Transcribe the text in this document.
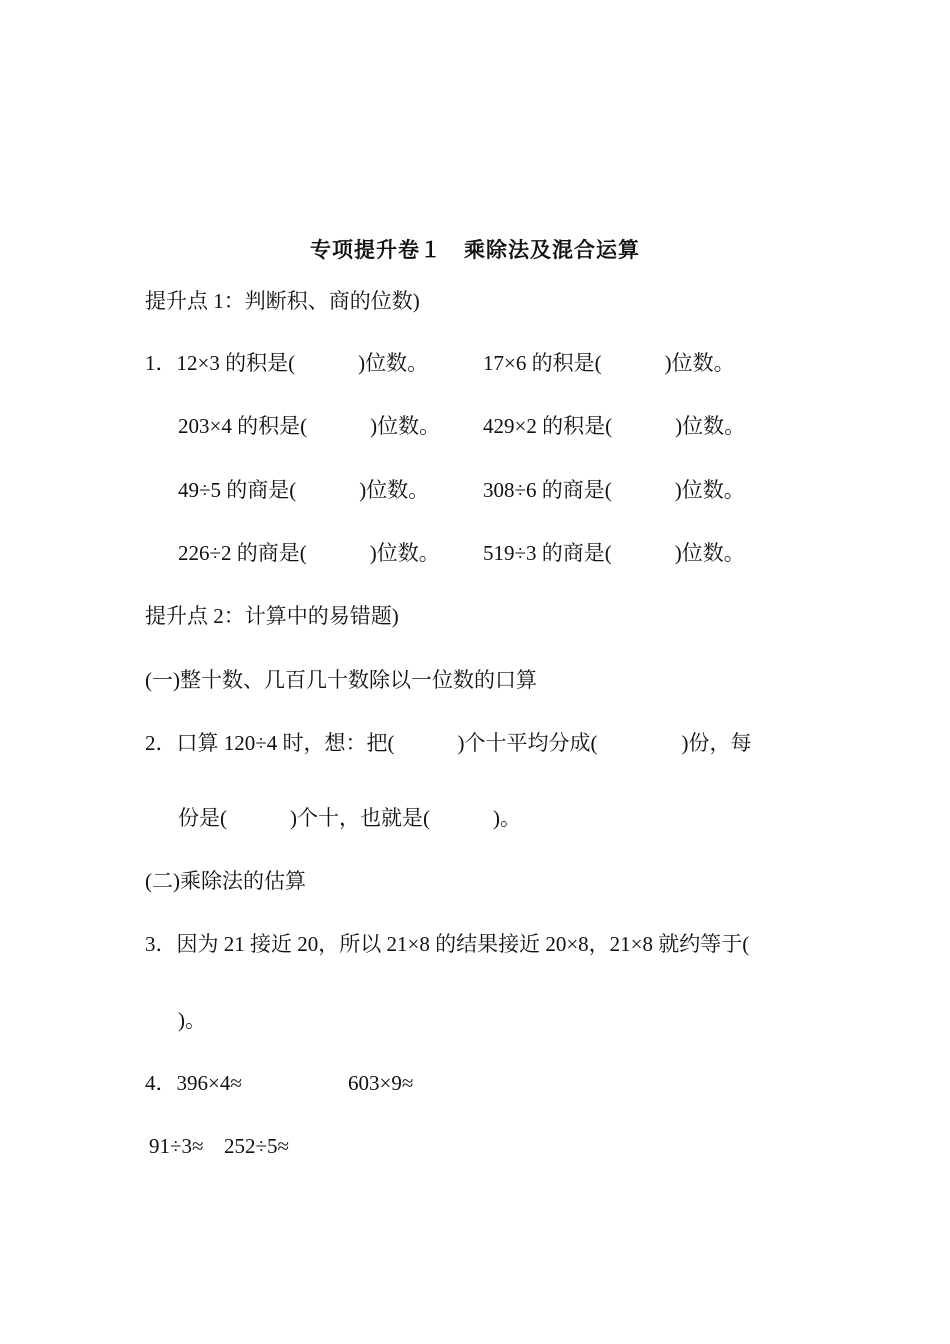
专项提升卷１　乘除法及混合运算
提升点 1：判断积、商的位数)
1．12×3 的积是(　　　)位数。	17×6 的积是(　　　)位数。
203×4 的积是(　　　)位数。 429×2 的积是(　　　)位数。
49÷5 的商是(　　　)位数。	308÷6 的商是(　　　)位数。
226÷2 的商是(　　　)位数。 519÷3 的商是(　　　)位数。
提升点 2：计算中的易错题)
(一)整十数、几百几十数除以一位数的口算
2．口算 120÷4 时，想：把(　　　)个十平均分成(　　　　)份，每
份是(　　　)个十，也就是(　　　)。
(二)乘除法的估算
3．因为 21 接近 20，所以 21×8 的结果接近 20×8，21×8 就约等于(
)。
4．396×4≈	603×9≈
91÷3≈ 252÷5≈
